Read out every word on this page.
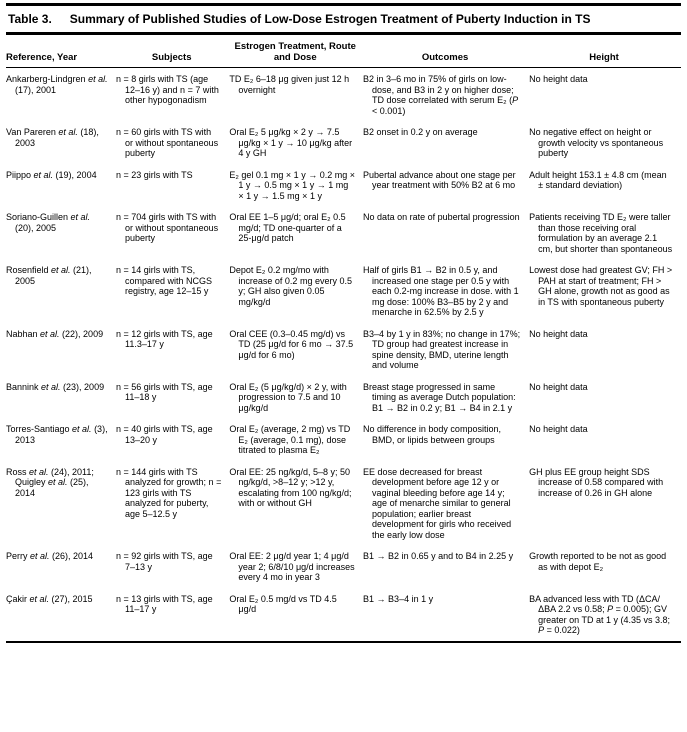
Table 3. Summary of Published Studies of Low-Dose Estrogen Treatment of Puberty Induction in TS
Reference, Year	Subjects	Estrogen Treatment, Route and Dose	Outcomes	Height

Ankarberg-Lindgren et al. (17), 2001	n = 8 girls with TS (age 12–16 y) and n = 7 with other hypogonadism	TD E₂ 6–18 μg given just 12 h overnight	B2 in 3–6 mo in 75% of girls on low-dose, and B3 in 2 y on higher dose; TD dose correlated with serum E₂ (P < 0.001)	No height data

Van Pareren et al. (18), 2003	n = 60 girls with TS with or without spontaneous puberty	Oral E₂ 5 μg/kg × 2 y → 7.5 μg/kg × 1 y → 10 μg/kg after 4 y GH	B2 onset in 0.2 y on average	No negative effect on height or growth velocity vs spontaneous puberty

Piippo et al. (19), 2004	n = 23 girls with TS	E₂ gel 0.1 mg × 1 y → 0.2 mg × 1 y → 0.5 mg × 1 y → 1 mg × 1 y → 1.5 mg × 1 y	Pubertal advance about one stage per year treatment with 50% B2 at 6 mo	Adult height 153.1 ± 4.8 cm (mean ± standard deviation)

Soriano-Guillen et al. (20), 2005	n = 704 girls with TS with or without spontaneous puberty	Oral EE 1–5 μg/d; oral E₂ 0.5 mg/d; TD one-quarter of a 25-μg/d patch	No data on rate of pubertal progression	Patients receiving TD E₂ were taller than those receiving oral formulation by an average 2.1 cm, but shorter than spontaneous

Rosenfield et al. (21), 2005	n = 14 girls with TS, compared with NCGS registry, age 12–15 y	Depot E₂ 0.2 mg/mo with increase of 0.2 mg every 0.5 y; GH also given 0.05 mg/kg/d	Half of girls B1 → B2 in 0.5 y, and increased one stage per 0.5 y with each 0.2-mg increase in dose. with 1 mg dose: 100% B3–B5 by 2 y and menarche in 62.5% by 2.5 y	Lowest dose had greatest GV; FH > PAH at start of treatment; FH > GH alone, growth not as good as in TS with spontaneous puberty

Nabhan et al. (22), 2009	n = 12 girls with TS, age 11.3–17 y	Oral CEE (0.3–0.45 mg/d) vs TD (25 μg/d for 6 mo → 37.5 μg/d for 6 mo)	B3–4 by 1 y in 83%; no change in 17%; TD group had greatest increase in spine density, BMD, uterine length and volume	No height data

Bannink et al. (23), 2009	n = 56 girls with TS, age 11–18 y	Oral E₂ (5 μg/kg/d) × 2 y, with progression to 7.5 and 10 μg/kg/d	Breast stage progressed in same timing as average Dutch population: B1 → B2 in 0.2 y; B1 → B4 in 2.1 y	No height data

Torres-Santiago et al. (3), 2013	n = 40 girls with TS, age 13–20 y	Oral E₂ (average, 2 mg) vs TD E₂ (average, 0.1 mg), dose titrated to plasma E₂	No difference in body composition, BMD, or lipids between groups	No height data

Ross et al. (24), 2011; Quigley et al. (25), 2014	n = 144 girls with TS analyzed for growth; n = 123 girls with TS analyzed for puberty, age 5–12.5 y	Oral EE: 25 ng/kg/d, 5–8 y; 50 ng/kg/d, >8–12 y; >12 y, escalating from 100 ng/kg/d; with or without GH	EE dose decreased for breast development before age 12 y or vaginal bleeding before age 14 y; age of menarche similar to general population; earlier breast development for girls who received the early low dose	GH plus EE group height SDS increase of 0.58 compared with increase of 0.26 in GH alone

Perry et al. (26), 2014	n = 92 girls with TS, age 7–13 y	Oral EE: 2 μg/d year 1; 4 μg/d year 2; 6/8/10 μg/d increases every 4 mo in year 3	B1 → B2 in 0.65 y and to B4 in 2.25 y	Growth reported to be not as good as with depot E₂

Çakir et al. (27), 2015	n = 13 girls with TS, age 11–17 y	Oral E₂ 0.5 mg/d vs TD 4.5 μg/d	B1 → B3–4 in 1 y	BA advanced less with TD (ΔCA/ΔBA 2.2 vs 0.58; P = 0.005); GV greater on TD at 1 y (4.35 vs 3.8; P = 0.022)
